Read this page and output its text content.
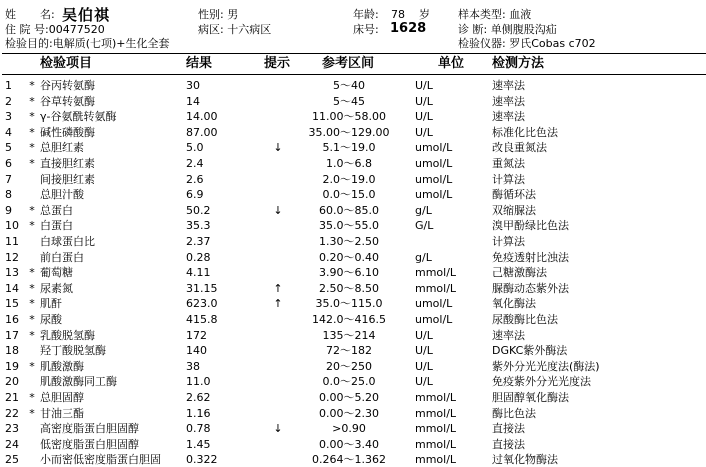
姓 名: 吴伯祺	性别: 男	年龄: 78 岁	样本类型: 血液
住 院 号:00477520	病区: 十六病区	床号: 1628	诊 断: 单侧腹股沟疝
检验目的:电解质(七项)+生化全套	检验仪器: 罗氏Cobas c702
检验项目	结果	提示 参考区间	单位 检测方法
1 * 谷丙转氨酶	30	5～40	U/L	速率法
2 * 谷草转氨酶	14	5～45	U/L	速率法
3 * γ-谷氨酰转氨酶	14.00	11.00～58.00	U/L	速率法
4 * 碱性磷酸酶	87.00	35.00～129.00	U/L	标准化比色法
5 * 总胆红素	5.0	↓	5.1～19.0	umol/L	改良重氮法
6 * 直接胆红素	2.4	1.0～6.8	umol/L	重氮法
7	间接胆红素	2.6	2.0～19.0	umol/L	计算法
8	总胆汁酸	6.9	0.0～15.0	umol/L	酶循环法
9 * 总蛋白	50.2	↓	60.0～85.0	g/L	双缩脲法
10 * 白蛋白	35.3	35.0～55.0	G/L	溴甲酚绿比色法
11 白球蛋白比	2.37	1.30～2.50	计算法
12 前白蛋白	0.28	0.20～0.40	g/L	免疫透射比浊法
13 * 葡萄糖	4.11	3.90～6.10	mmol/L	己糖激酶法
14 * 尿素氮	31.15	↑	2.50～8.50	mmol/L	脲酶动态紫外法
15 * 肌酐	623.0	↑	35.0～115.0	umol/L	氧化酶法
16 * 尿酸	415.8	142.0～416.5	umol/L	尿酸酶比色法
17 * 乳酸脱氢酶	172	135～214	U/L	速率法
18 羟丁酸脱氢酶	140	72～182	U/L	DGKC紫外酶法
19 * 肌酸激酶	38	20～250	U/L	紫外分光光度法(酶法)
20 肌酸激酶同工酶	11.0	0.0～25.0	U/L	免疫紫外分光光度法
21 * 总胆固醇	2.62	0.00～5.20	mmol/L	胆固醇氧化酶法
22 * 甘油三酯	1.16	0.00～2.30	mmol/L	酶比色法
23 高密度脂蛋白胆固醇	0.78	↓	>0.90	mmol/L	直接法
24 低密度脂蛋白胆固醇	1.45	0.00～3.40	mmol/L	直接法
25 小而密低密度脂蛋白胆固 0.322	0.264～1.362	mmol/L	过氧化物酶法
